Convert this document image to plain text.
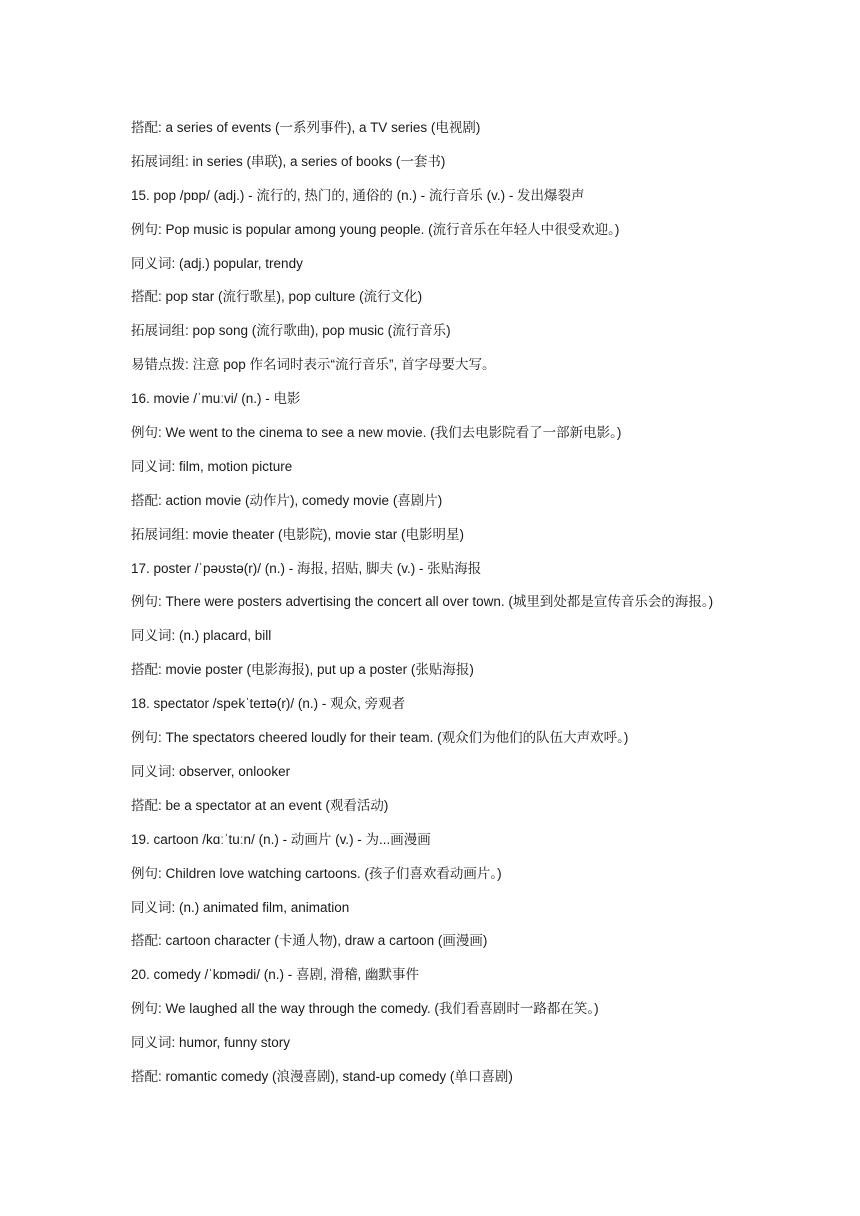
搭配: a series of events (一系列事件), a TV series (电视剧)
拓展词组: in series (串联), a series of books (一套书)
15. pop /pɒp/ (adj.) - 流行的, 热门的, 通俗的 (n.) - 流行音乐 (v.) - 发出爆裂声
例句: Pop music is popular among young people. (流行音乐在年轻人中很受欢迎。)
同义词: (adj.) popular, trendy
搭配: pop star (流行歌星), pop culture (流行文化)
拓展词组: pop song (流行歌曲), pop music (流行音乐)
易错点拨: 注意 pop 作名词时表示“流行音乐”, 首字母要大写。
16. movie /ˈmuːvi/ (n.) - 电影
例句: We went to the cinema to see a new movie. (我们去电影院看了一部新电影。)
同义词: film, motion picture
搭配: action movie (动作片), comedy movie (喜剧片)
拓展词组: movie theater (电影院), movie star (电影明星)
17. poster /ˈpəʊstə(r)/ (n.) - 海报, 招贴, 脚夫 (v.) - 张贴海报
例句: There were posters advertising the concert all over town. (城里到处都是宣传音乐会的海报。)
同义词: (n.) placard, bill
搭配: movie poster (电影海报), put up a poster (张贴海报)
18. spectator /spekˈteɪtə(r)/ (n.) - 观众, 旁观者
例句: The spectators cheered loudly for their team. (观众们为他们的队伍大声欢呼。)
同义词: observer, onlooker
搭配: be a spectator at an event (观看活动)
19. cartoon /kɑːˈtuːn/ (n.) - 动画片 (v.) - 为...画漫画
例句: Children love watching cartoons. (孩子们喜欢看动画片。)
同义词: (n.) animated film, animation
搭配: cartoon character (卡通人物), draw a cartoon (画漫画)
20. comedy /ˈkɒmədi/ (n.) - 喜剧, 滑稽, 幽默事件
例句: We laughed all the way through the comedy. (我们看喜剧时一路都在笑。)
同义词: humor, funny story
搭配: romantic comedy (浪漫喜剧), stand-up comedy (单口喜剧)
